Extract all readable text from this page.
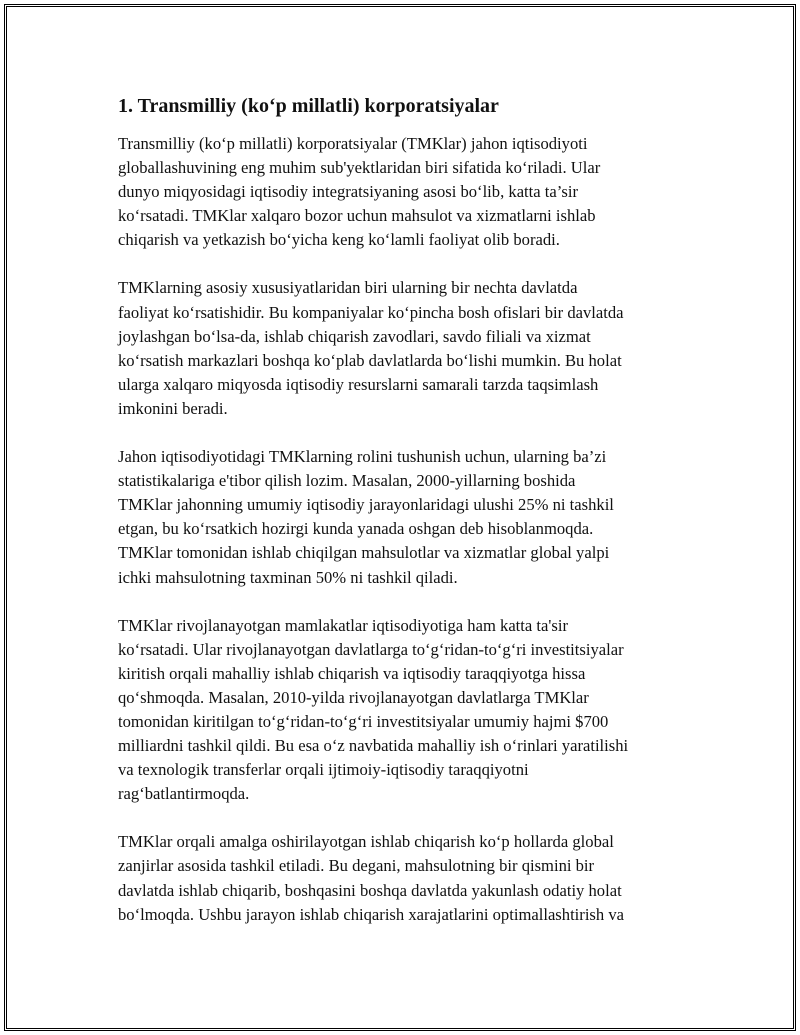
1. Transmilliy (ko‘p millatli) korporatsiyalar

Transmilliy (ko‘p millatli) korporatsiyalar (TMKlar) jahon iqtisodiyoti
globallashuvining eng muhim sub'yektlaridan biri sifatida ko‘riladi. Ular
dunyo miqyosidagi iqtisodiy integratsiyaning asosi bo‘lib, katta ta’sir
ko‘rsatadi. TMKlar xalqaro bozor uchun mahsulot va xizmatlarni ishlab
chiqarish va yetkazish bo‘yicha keng ko‘lamli faoliyat olib boradi.

TMKlarning asosiy xususiyatlaridan biri ularning bir nechta davlatda
faoliyat ko‘rsatishidir. Bu kompaniyalar ko‘pincha bosh ofislari bir davlatda
joylashgan bo‘lsa-da, ishlab chiqarish zavodlari, savdo filiali va xizmat
ko‘rsatish markazlari boshqa ko‘plab davlatlarda bo‘lishi mumkin. Bu holat
ularga xalqaro miqyosda iqtisodiy resurslarni samarali tarzda taqsimlash
imkonini beradi.

Jahon iqtisodiyotidagi TMKlarning rolini tushunish uchun, ularning ba’zi
statistikalariga e'tibor qilish lozim. Masalan, 2000-yillarning boshida
TMKlar jahonning umumiy iqtisodiy jarayonlaridagi ulushi 25% ni tashkil
etgan, bu ko‘rsatkich hozirgi kunda yanada oshgan deb hisoblanmoqda.
TMKlar tomonidan ishlab chiqilgan mahsulotlar va xizmatlar global yalpi
ichki mahsulotning taxminan 50% ni tashkil qiladi.

TMKlar rivojlanayotgan mamlakatlar iqtisodiyotiga ham katta ta'sir
ko‘rsatadi. Ular rivojlanayotgan davlatlarga to‘g‘ridan-to‘g‘ri investitsiyalar
kiritish orqali mahalliy ishlab chiqarish va iqtisodiy taraqqiyotga hissa
qo‘shmoqda. Masalan, 2010-yilda rivojlanayotgan davlatlarga TMKlar
tomonidan kiritilgan to‘g‘ridan-to‘g‘ri investitsiyalar umumiy hajmi $700
milliardni tashkil qildi. Bu esa o‘z navbatida mahalliy ish o‘rinlari yaratilishi
va texnologik transferlar orqali ijtimoiy-iqtisodiy taraqqiyotni
rag‘batlantirmoqda.

TMKlar orqali amalga oshirilayotgan ishlab chiqarish ko‘p hollarda global
zanjirlar asosida tashkil etiladi. Bu degani, mahsulotning bir qismini bir
davlatda ishlab chiqarib, boshqasini boshqa davlatda yakunlash odatiy holat
bo‘lmoqda. Ushbu jarayon ishlab chiqarish xarajatlarini optimallashtirish va
